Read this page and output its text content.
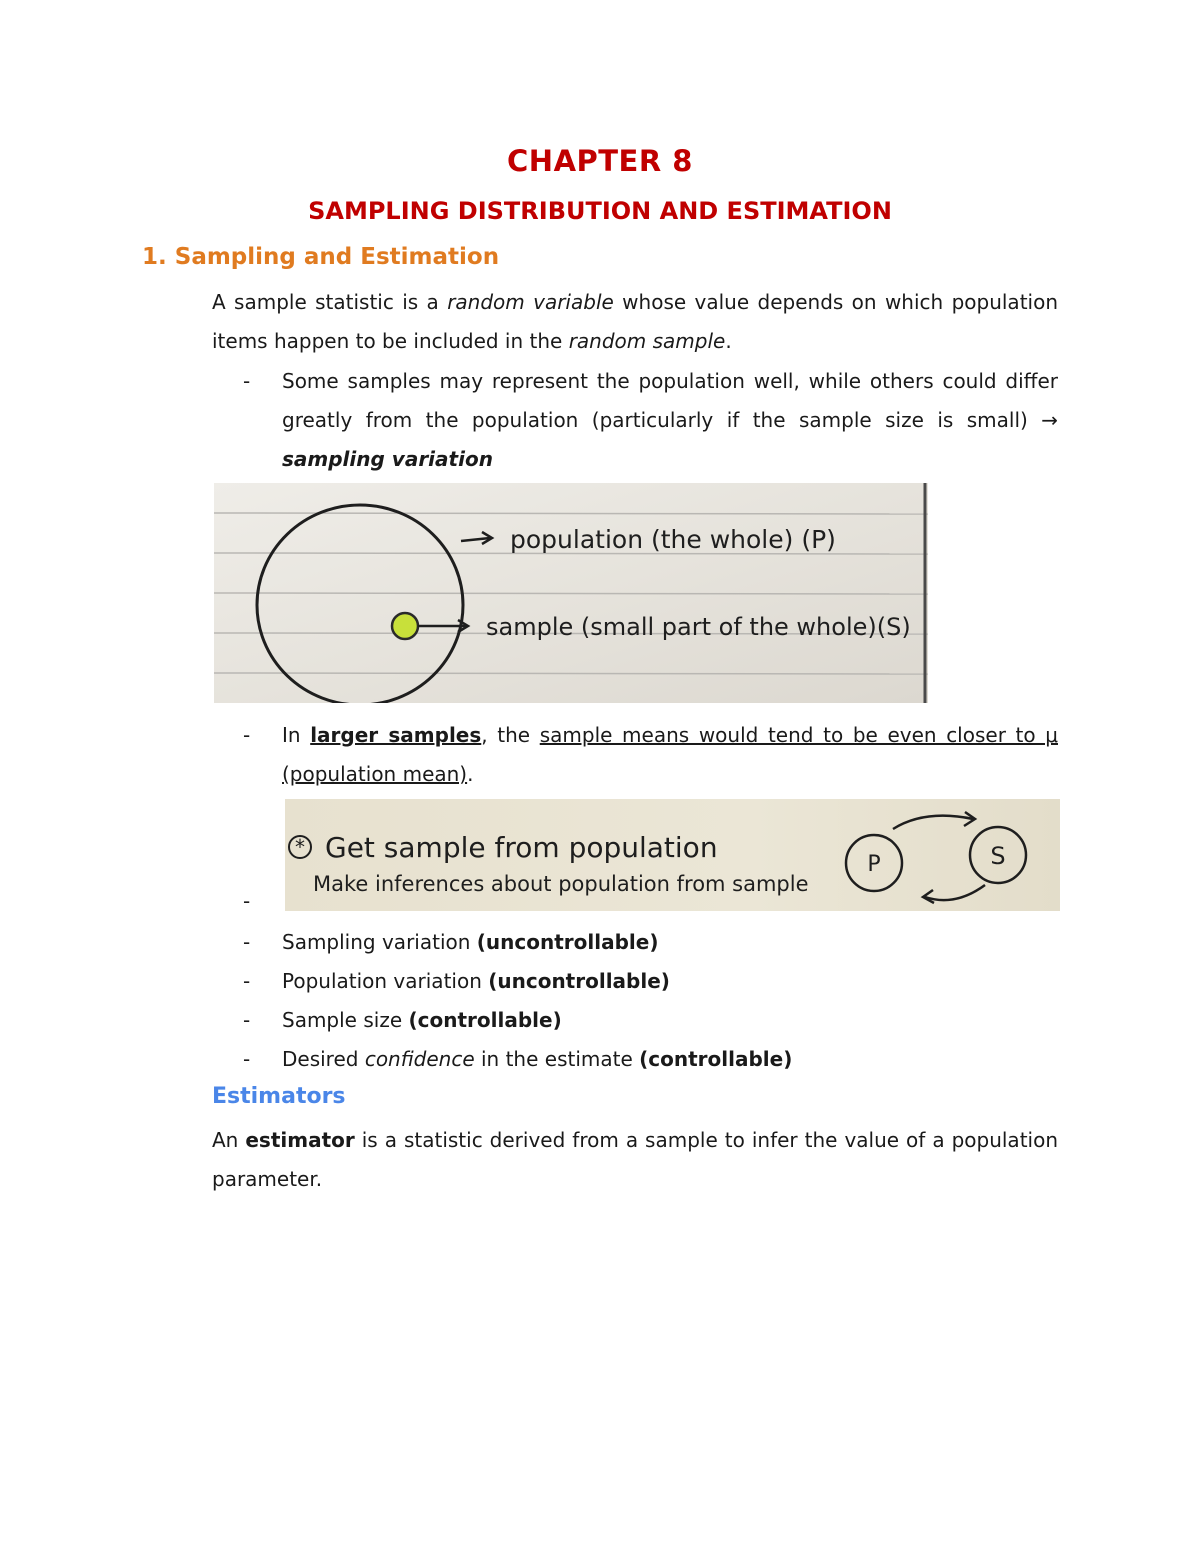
CHAPTER 8
SAMPLING DISTRIBUTION AND ESTIMATION
1. Sampling and Estimation
A sample statistic is a random variable whose value depends on which population items happen to be included in the random sample.
- Some samples may represent the population well, while others could differ greatly from the population (particularly if the sample size is small) → sampling variation
population (the whole) (P)
sample (small part of the whole)(S)
- In larger samples, the sample means would tend to be even closer to μ (population mean).
-
* Get sample from population
Make inferences about population from sample
P	S
- Sampling variation (uncontrollable)
- Population variation (uncontrollable)
- Sample size (controllable)
- Desired confidence in the estimate (controllable)
Estimators
An estimator is a statistic derived from a sample to infer the value of a population parameter.
